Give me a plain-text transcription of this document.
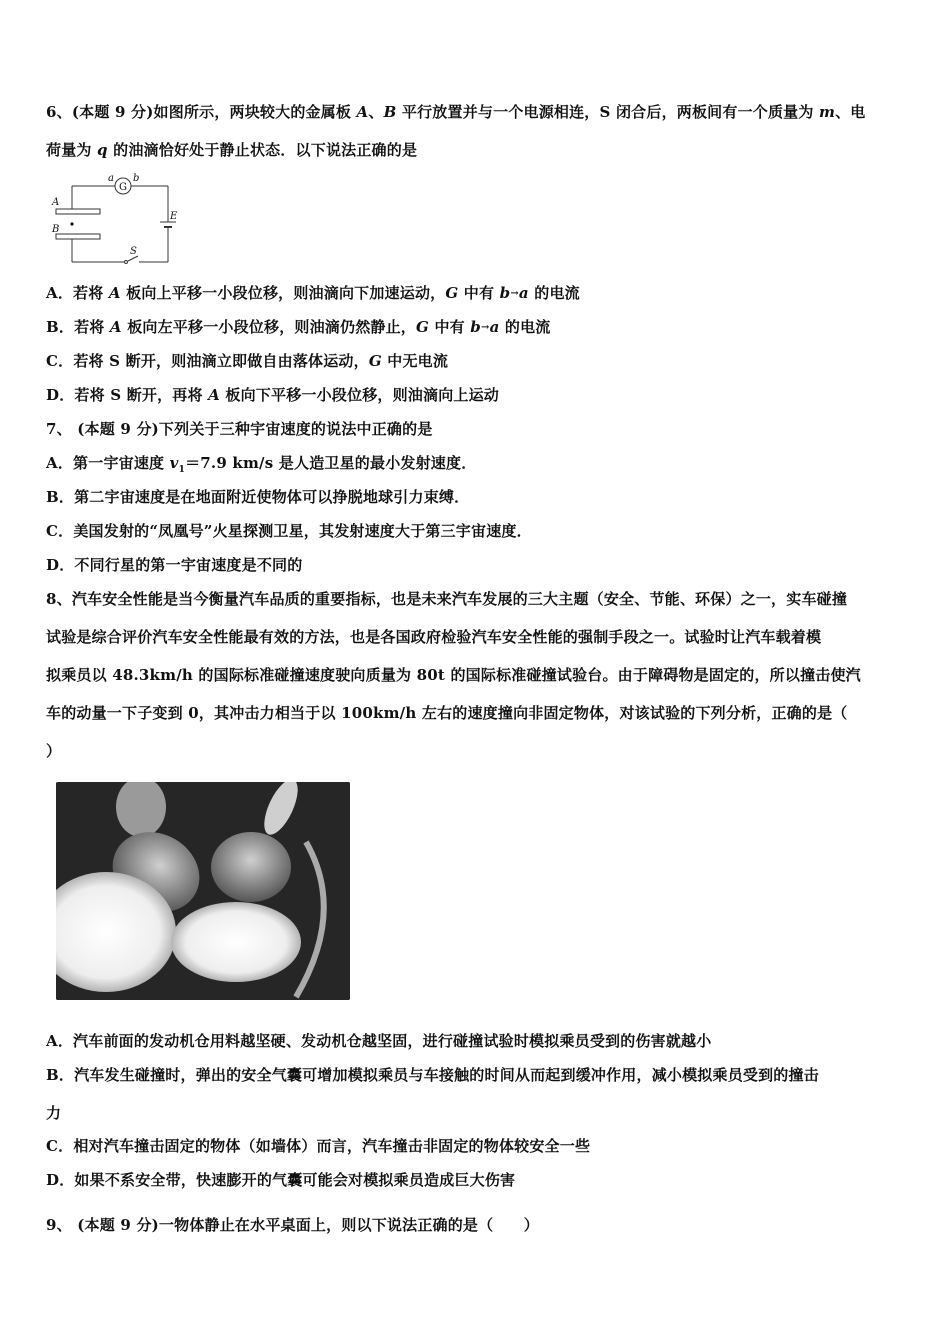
6、(本题 9 分)如图所示，两块较大的金属板 A、B 平行放置并与一个电源相连，S 闭合后，两板间有一个质量为 m、电
荷量为 q 的油滴恰好处于静止状态．以下说法正确的是
a b
A
B
E
S
G
A．若将 A 板向上平移一小段位移，则油滴向下加速运动，G 中有 b→a 的电流
B．若将 A 板向左平移一小段位移，则油滴仍然静止，G 中有 b→a 的电流
C．若将 S 断开，则油滴立即做自由落体运动，G 中无电流
D．若将 S 断开，再将 A 板向下平移一小段位移，则油滴向上运动
7、 (本题 9 分)下列关于三种宇宙速度的说法中正确的是
A．第一宇宙速度 $v_1=7.9$ km/s 是人造卫星的最小发射速度．
B．第二宇宙速度是在地面附近使物体可以挣脱地球引力束缚．
C．美国发射的“凤凰号”火星探测卫星，其发射速度大于第三宇宙速度．
D．不同行星的第一宇宙速度是不同的
8、汽车安全性能是当今衡量汽车品质的重要指标，也是未来汽车发展的三大主题（安全、节能、环保）之一，实车碰撞
试验是综合评价汽车安全性能最有效的方法，也是各国政府检验汽车安全性能的强制手段之一。试验时让汽车载着模
拟乘员以 48.3km/h 的国际标准碰撞速度驶向质量为 80t 的国际标准碰撞试验台。由于障碍物是固定的，所以撞击使汽
车的动量一下子变到 0，其冲击力相当于以 100km/h 左右的速度撞向非固定物体，对该试验的下列分析，正确的是（
）
A．汽车前面的发动机仓用料越坚硬、发动机仓越坚固，进行碰撞试验时模拟乘员受到的伤害就越小
B．汽车发生碰撞时，弹出的安全气囊可增加模拟乘员与车接触的时间从而起到缓冲作用，减小模拟乘员受到的撞击
力
C．相对汽车撞击固定的物体（如墙体）而言，汽车撞击非固定的物体较安全一些
D．如果不系安全带，快速膨开的气囊可能会对模拟乘员造成巨大伤害
9、 (本题 9 分)一物体静止在水平桌面上，则以下说法正确的是（　　）
